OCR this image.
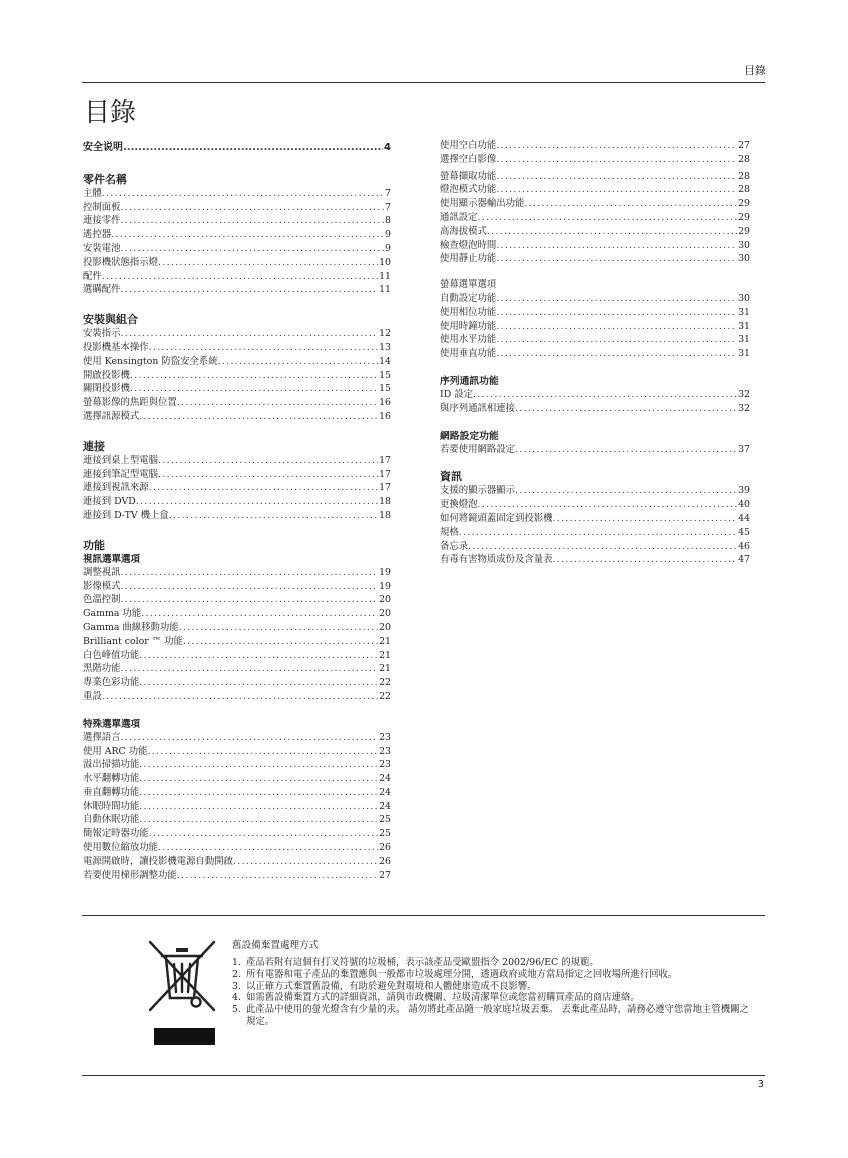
目錄
目錄
安全说明 .....	4
零件名稱
主體 .....	7
控制面板 .....	7
連接零件 .....	8
遙控器 .....	9
安裝電池 .....	9
投影機狀態指示燈 .....	10
配件 .....	11
選購配件 .....	11
安裝與組合
安裝指示 .....	12
投影機基本操作 .....	13
使用 Kensington 防盜安全系統 .....	14
開啟投影機 .....	15
關閉投影機 .....	15
螢幕影像的焦距與位置 .....	16
選擇訊源模式 .....	16
連接
連接到桌上型電腦 .....	17
連接到筆記型電腦 .....	17
連接到視訊來源 .....	17
連接到 DVD .....	18
連接到 D-TV 機上盒 .....	18
功能
視訊選單選項
調整視訊 .....	19
影像模式 .....	19
色溫控制 .....	20
Gamma 功能 .....	20
Gamma 曲線移動功能 .....	20
Brilliant color ™ 功能 .....	21
白色峰值功能 .....	21
黑階功能 .....	21
專業色彩功能 .....	22
重設 .....	22
特殊選單選項
選擇語言 .....	23
使用 ARC 功能 .....	23
溢出掃描功能 .....	23
水平翻轉功能 .....	24
垂直翻轉功能 .....	24
休眠時間功能 .....	24
自動休眠功能 .....	25
簡報定時器功能 .....	25
使用數位縮放功能 .....	26
電源開啟時，讓投影機電源自動開啟 .....	26
若要使用梯形調整功能 .....	27
使用空白功能 .....	27
選擇空白影像 .....	28
螢幕擷取功能 .....	28
燈泡模式功能 .....	28
使用顯示器輸出功能 .....	29
通訊設定 .....	29
高海拔模式 .....	29
檢查燈泡時間 .....	30
使用靜止功能 .....	30
螢幕選單選項
自動設定功能 .....	30
使用相位功能 .....	31
使用時鐘功能 .....	31
使用水平功能 .....	31
使用垂直功能 .....	31
序列通訊功能
ID 設定 .....	32
與序列通訊相連接 .....	32
網路設定功能
若要使用網路設定 .....	37
資訊
支援的顯示器顯示 .....	39
更換燈泡 .....	40
如何將鏡頭蓋固定到投影機 .....	44
規格 .....	45
备忘录 .....	46
有毒有害物质成份及含量表 .....	47
舊設備棄置處理方式
1. 產品若附有這個有打叉符號的垃圾桶，表示該產品受歐盟指令 2002/96/EC 的規範。
2. 所有電器和電子產品的棄置應與一般都市垃圾處理分開，透過政府或地方當局指定之回收場所進行回收。
3. 以正確方式棄置舊設備，有助於避免對環境和人體健康造成不良影響。
4. 如需舊設備棄置方式的詳細資訊，請與市政機關、垃圾清潔單位或您當初購買產品的商店連絡。
5. 此產品中使用的螢光燈含有少量的汞。 請勿將此產品隨一般家庭垃圾丟棄。 丟棄此產品時，請務必遵守您當地主管機關之規定。
3
